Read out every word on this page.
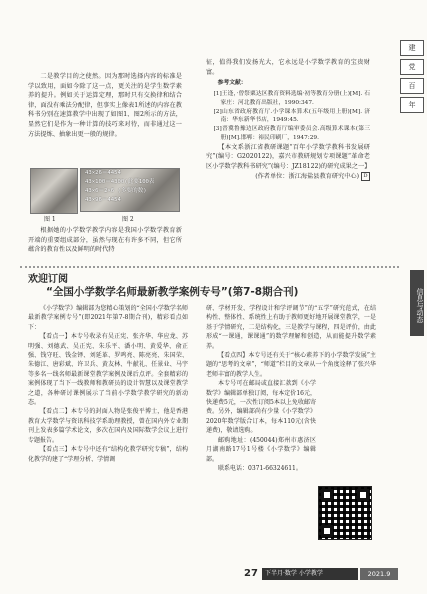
建
党
百
年
信息与动态

二是教学目的之使然。因为那时选择内容的标准是学以致用，面如今除了这一点，更关注的是学生数学素养的提升。例如关于运算定理，那时只有交换律和结合律，面没有乘法分配律，但事实上像表1所述的内容在教科书分别在速算教学中出现了如图1、图2所示的方法，显然它们是作为一种计算的技巧来对待，而非通过这一方法提炼、抽象出更一般的规律。

43×26＝4454
43×100＝4300(此要100表
43×6＝2×6 (多要的数)
43×96＝4454
图 1	图 2

根据她的小学数学教学内容是我国小学数学教育新开端的重要组成部分，虽然与现在有许多不同，但它所蕴含的教育性以及鲜明的时代特

征，值得我们发扬光大，它永远是小学数学教育的宝贵财富。

参考文献：
[1]王逢，·曾祭粟达区教育资料选编·初等教育分册(上)[M]. 石家庄：河北教育出版社，1990:347.
[2]山东省政府教育厅.小学课本算术(五年级用上册)[M]. 济南：华东新华书店，1949:45.
[3]晋冀鲁豫边区政府教育厅编审委员会.高级算术课本(第三册)[M].邯郸：裕民印刷厂，1947:29.

【本文系浙江省教研课题“百年小学数学教科书发展研究”(编号：G2020122)，嘉兴市教研规划专项课题“革命老区小学数学教科书研究”(编号：JZ18122)的研究成果之一】

(作者单位：浙江海盐县教育研究中心) D

欢迎订阅
“全国小学数学名师最新教学案例专号”(第7-8期合刊)

《小学数学》编辑部为您精心策划的“全国小学数学名师最新教学案例专号”(即2021年第7-8期合刊)，精彩看点如下：

【看点一】本专号收录有吴正宪、张齐华、华应龙、苏明强、刘德武、吴正宪、朱乐平、潘小明、黄爱华、俞正强、钱守旺、钱金铎、刘延革、罗鸣亮、陈亮亮、朱国荣、朱德江、唐彩斌、许卫兵、黄友林、牛献礼、任景业、马宇等多名一线名师最新课堂教学案例及课后点评。全套精彩的案例体现了当下一线教师和教研员的设计智慧以及课堂教学之道，各种研讨课例展示了当前小学数学教学研究的新动态。

【看点二】本专号的封面人物是张俊平博士，他是香港教育大学数学与资讯科技学系助理教授，曾在国内外专业期刊上发表多篇学术论文，多次在国内及国际数学会议上进行专题报告。

【看点三】本专号中还有“结构化教学研究专稿”，结构化教学的建了“学理分析、学情调

研、学材开发、学程设计和学评调节”的“五学”研究范式，在结构性、整体性、系统性上有助于教师更好地开展课堂教学，一是基于学情研究，二是结构化，三是教学与课程，四是评价，由此形成“一课通，课课通”的数学理解和创造，从而能提升数学素养。

【看点四】本专号还有关于“核心素养下的小学数学发展”主题的“思考的文章”，“师道”栏目的文章从一个角度诠释了张兴华老师丰富的教学人生。

本专号可在邮局或直接汇款到《小学数学》编辑部单独订阅，每本定价16元，快递费5元，一次性订阅5本以上免收邮寄费。另外，编辑部尚有少量《小学数学》2020年数学版合订本，每本110元(含快递费)，敬请选购。

邮购地址：(450044)郑州市惠济区月湖南路17号1号楼《小学数学》编辑部。

联系电话：0371-66324611。

27	下半月·数学 小学教学	2021.9
